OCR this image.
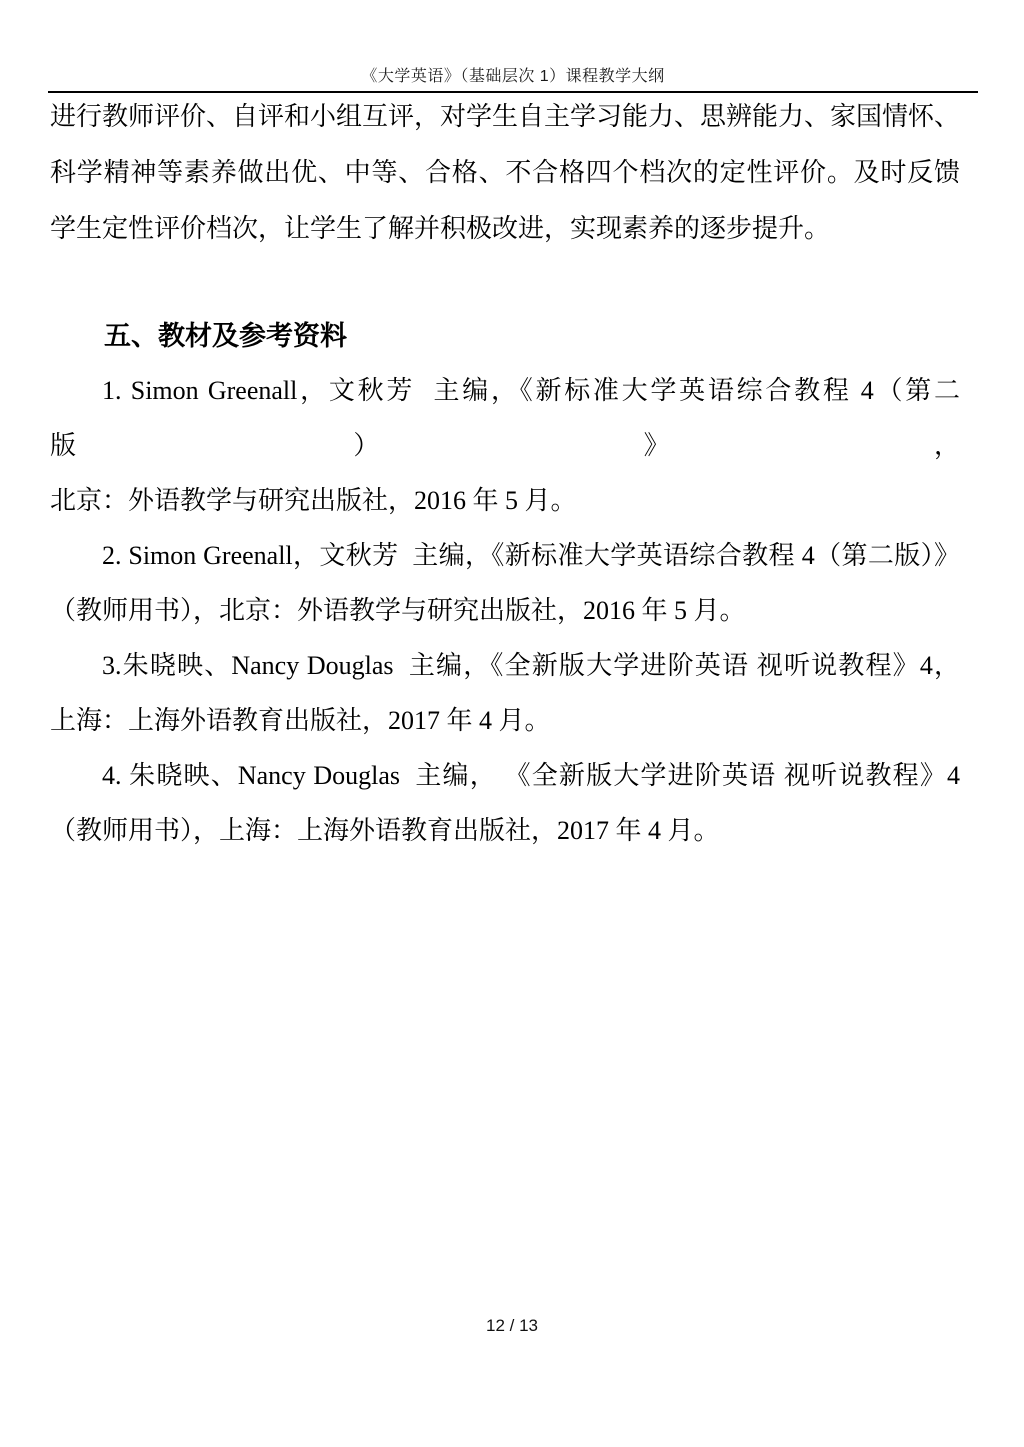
《大学英语》（基础层次 1）课程教学大纲
进行教师评价、自评和小组互评，对学生自主学习能力、思辨能力、家国情怀、
科学精神等素养做出优、中等、合格、不合格四个档次的定性评价。及时反馈
学生定性评价档次，让学生了解并积极改进，实现素养的逐步提升。
五、教材及参考资料
1. Simon Greenall，文秋芳  主编，《新标准大学英语综合教程 4（第二版）》，
北京：外语教学与研究出版社，2016 年 5 月。
2. Simon Greenall，文秋芳  主编，《新标准大学英语综合教程 4（第二版）》
（教师用书），北京：外语教学与研究出版社，2016 年 5 月。
3.朱晓映、Nancy Douglas  主编，《全新版大学进阶英语 视听说教程》4，
上海：上海外语教育出版社，2017 年 4 月。
4. 朱晓映、Nancy Douglas  主编， 《全新版大学进阶英语 视听说教程》4
（教师用书），上海：上海外语教育出版社，2017 年 4 月。
12 / 13
